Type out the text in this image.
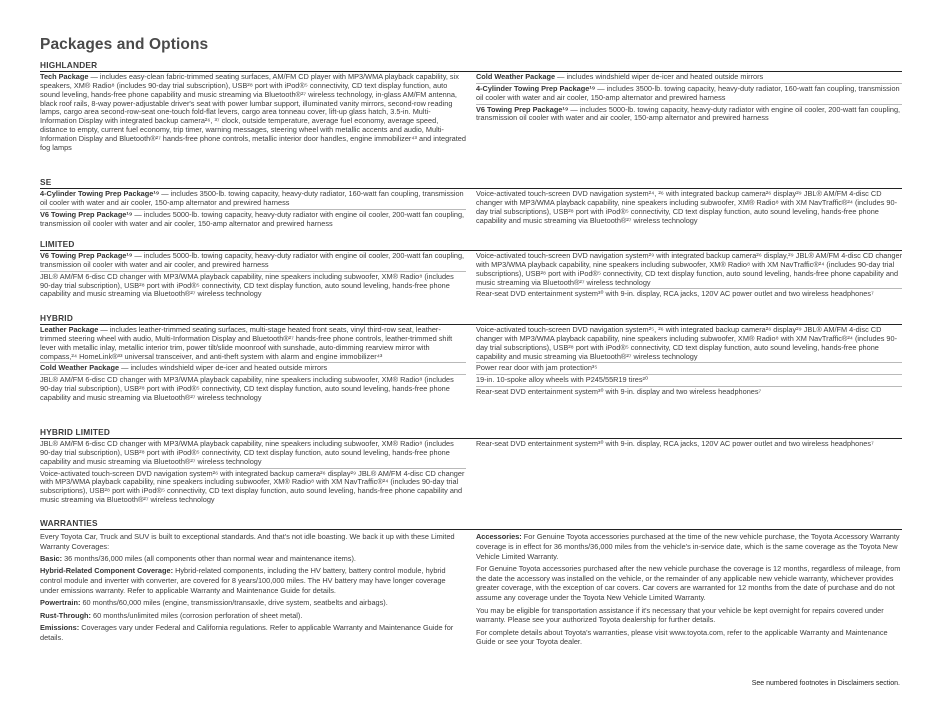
Packages and Options
HIGHLANDER
Tech Package — includes easy-clean fabric-trimmed seating surfaces, AM/FM CD player with MP3/WMA playback capability, six speakers, XM® Radio⁸ (includes 90-day trial subscription), USB²⁸ port with iPod®⁵ connectivity, CD text display function, auto sound leveling, hands-free phone capability and music streaming via Bluetooth®²⁷ wireless technology, in-glass AM/FM antenna, black roof rails, 8-way power-adjustable driver's seat with power lumbar support, illuminated vanity mirrors, second-row reading lamps, cargo area second-row-seat one-touch fold-flat levers, cargo area tonneau cover, lift-up glass hatch, 3.5-in. Multi-Information Display with integrated backup camera²⁶, ³⁷ clock, outside temperature, average fuel economy, average speed, distance to empty, current fuel economy, trip timer, warning messages, steering wheel with metallic accents and audio, Multi-Information Display and Bluetooth®²⁷ hands-free phone controls, metallic interior door handles, engine immobilizer⁴³ and integrated fog lamps
Cold Weather Package — includes windshield wiper de-icer and heated outside mirrors
4-Cylinder Towing Prep Package¹⁹ — includes 3500-lb. towing capacity, heavy-duty radiator, 160-watt fan coupling, transmission oil cooler with water and air cooler, 150-amp alternator and prewired harness
V6 Towing Prep Package¹⁹ — includes 5000-lb. towing capacity, heavy-duty radiator with engine oil cooler, 200-watt fan coupling, transmission oil cooler with water and air cooler, 150-amp alternator and prewired harness
SE
4-Cylinder Towing Prep Package¹⁹ — includes 3500-lb. towing capacity, heavy-duty radiator, 160-watt fan coupling, transmission oil cooler with water and air cooler, 150-amp alternator and prewired harness
V6 Towing Prep Package¹⁹ — includes 5000-lb. towing capacity, heavy-duty radiator with engine oil cooler, 200-watt fan coupling, transmission oil cooler with water and air cooler, 150-amp alternator and prewired harness
Voice-activated touch-screen DVD navigation system²⁴, ²⁶ with integrated backup camera²⁶ display²⁹ JBL® AM/FM 4-disc CD changer with MP3/WMA playback capability, nine speakers including subwoofer, XM® Radio⁸ with XM NavTraffic®²⁴ (includes 90-day trial subscriptions), USB²⁸ port with iPod®⁵ connectivity, CD text display function, auto sound leveling, hands-free phone capability and music streaming via Bluetooth®²⁷ wireless technology
LIMITED
V6 Towing Prep Package¹⁹ — includes 5000-lb. towing capacity, heavy-duty radiator with engine oil cooler, 200-watt fan coupling, transmission oil cooler with water and air cooler, and prewired harness
JBL® AM/FM 6-disc CD changer with MP3/WMA playback capability, nine speakers including subwoofer, XM® Radio⁸ (includes 90-day trial subscription), USB²⁸ port with iPod®⁵ connectivity, CD text display function, auto sound leveling, hands-free phone capability and music streaming via Bluetooth®²⁷ wireless technology
Voice-activated touch-screen DVD navigation system²⁹ with integrated backup camera²⁶ display,²⁹ JBL® AM/FM 4-disc CD changer with MP3/WMA playback capability, nine speakers including subwoofer, XM® Radio⁸ with XM NavTraffic®²⁴ (includes 90-day trial subscriptions), USB²⁸ port with iPod®⁵ connectivity, CD text display function, auto sound leveling, hands-free phone capability and music streaming via Bluetooth®²⁷ wireless technology
Rear-seat DVD entertainment system³⁰ with 9-in. display, RCA jacks, 120V AC power outlet and two wireless headphones⁷
HYBRID
Leather Package — includes leather-trimmed seating surfaces, multi-stage heated front seats, vinyl third-row seat, leather-trimmed steering wheel with audio, Multi-Information Display and Bluetooth®²⁷ hands-free phone controls, leather-trimmed shift lever with metallic inlay, metallic interior trim, power tilt/slide moonroof with sunshade, auto-dimming rearview mirror with compass,²⁴ HomeLink®³³ universal transceiver, and anti-theft system with alarm and engine immobilizer⁴³
Cold Weather Package — includes windshield wiper de-icer and heated outside mirrors
JBL® AM/FM 6-disc CD changer with MP3/WMA playback capability, nine speakers including subwoofer, XM® Radio⁸ (includes 90-day trial subscription), USB²⁸ port with iPod®⁵ connectivity, CD text display function, auto sound leveling, hands-free phone capability and music streaming via Bluetooth®²⁷ wireless technology
Voice-activated touch-screen DVD navigation system²⁵, ²⁶ with integrated backup camera²⁶ display²⁹ JBL® AM/FM 4-disc CD changer with MP3/WMA playback capability, nine speakers including subwoofer, XM® Radio⁸ with XM NavTraffic®²⁴ (includes 90-day trial subscriptions), USB²⁸ port with iPod®⁵ connectivity, CD text display function, auto sound leveling, hands-free phone capability and music streaming via Bluetooth®²⁷ wireless technology
Power rear door with jam protection³⁵
19-in. 10-spoke alloy wheels with P245/55R19 tires²⁰
Rear-seat DVD entertainment system³⁰ with 9-in. display and two wireless headphones⁷
HYBRID LIMITED
JBL® AM/FM 6-disc CD changer with MP3/WMA playback capability, nine speakers including subwoofer, XM® Radio⁸ (includes 90-day trial subscription), USB²⁸ port with iPod®⁵ connectivity, CD text display function, auto sound leveling, hands-free phone capability and music streaming via Bluetooth®²⁷ wireless technology
Voice-activated touch-screen DVD navigation system²⁶ with integrated backup camera²⁶ display²⁹ JBL® AM/FM 4-disc CD changer with MP3/WMA playback capability, nine speakers including subwoofer, XM® Radio⁸ with XM NavTraffic®²⁴ (includes 90-day trial subscriptions), USB²⁸ port with iPod®⁵ connectivity, CD text display function, auto sound leveling, hands-free phone capability and music streaming via Bluetooth®²⁷ wireless technology
Rear-seat DVD entertainment system³⁰ with 9-in. display, RCA jacks, 120V AC power outlet and two wireless headphones⁷
WARRANTIES
Every Toyota Car, Truck and SUV is built to exceptional standards. And that's not idle boasting. We back it up with these Limited Warranty Coverages:
Basic: 36 months/36,000 miles (all components other than normal wear and maintenance items).
Hybrid-Related Component Coverage: Hybrid-related components, including the HV battery, battery control module, hybrid control module and inverter with converter, are covered for 8 years/100,000 miles. The HV battery may have longer coverage under emissions warranty. Refer to applicable Warranty and Maintenance Guide for details.
Powertrain: 60 months/60,000 miles (engine, transmission/transaxle, drive system, seatbelts and airbags).
Rust-Through: 60 months/unlimited miles (corrosion perforation of sheet metal).
Emissions: Coverages vary under Federal and California regulations. Refer to applicable Warranty and Maintenance Guide for details.
Accessories: For Genuine Toyota accessories purchased at the time of the new vehicle purchase, the Toyota Accessory Warranty coverage is in effect for 36 months/36,000 miles from the vehicle's in-service date, which is the same coverage as the Toyota New Vehicle Limited Warranty.
For Genuine Toyota accessories purchased after the new vehicle purchase the coverage is 12 months, regardless of mileage, from the date the accessory was installed on the vehicle, or the remainder of any applicable new vehicle warranty, whichever provides greater coverage, with the exception of car covers. Car covers are warranted for 12 months from the date of purchase and do not assume any coverage under the Toyota New Vehicle Limited Warranty.
You may be eligible for transportation assistance if it's necessary that your vehicle be kept overnight for repairs covered under warranty. Please see your authorized Toyota dealership for further details.
For complete details about Toyota's warranties, please visit www.toyota.com, refer to the applicable Warranty and Maintenance Guide or see your Toyota dealer.
See numbered footnotes in Disclaimers section.
